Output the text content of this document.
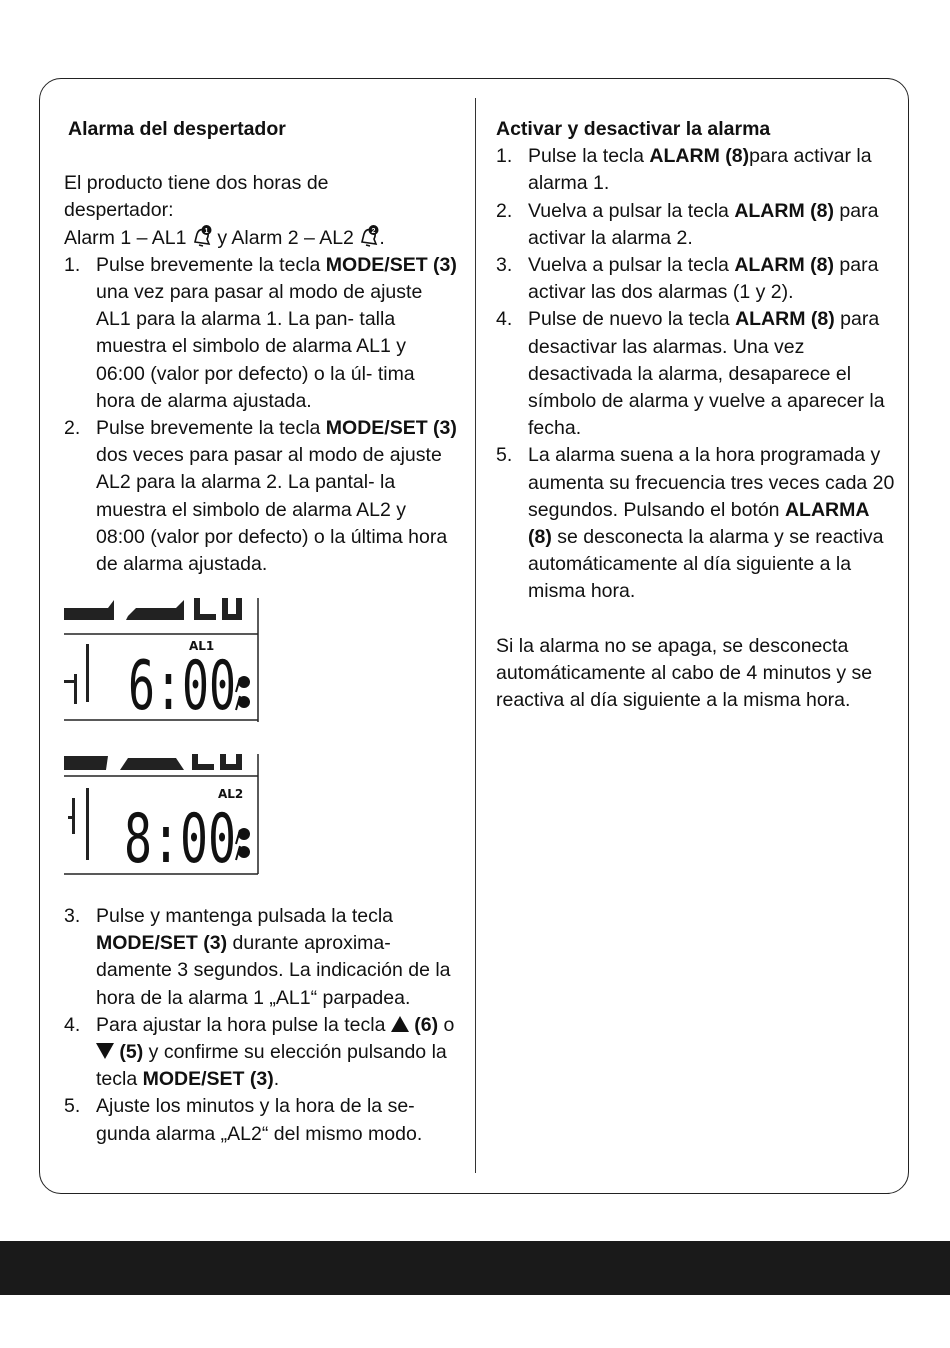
Alarma del despertador

El producto tiene dos horas de

despertador:

Alarm 1 – AL1	1 y Alarm 2 – AL2	2 .

1. Pulse brevemente la tecla MODE/SET (3) una vez para pasar al modo de ajuste AL1 para la alarma 1. La pan- talla muestra el simbolo de alarma AL1 y 06:00 (valor por defecto) o la úl- tima hora de alarma ajustada.
2. Pulse brevemente la tecla MODE/SET (3) dos veces para pasar al modo de ajuste AL2 para la alarma 2. La pantal- la muestra el simbolo de alarma AL2 y 08:00 (valor por defecto) o la última hora de alarma ajustada.
AL1
6:00
AL2
8:00
3. Pulse y mantenga pulsada la tecla MODE/SET (3) durante aproxima- damente 3 segundos. La indicación de la hora de la alarma 1 „AL1“ parpadea.
4. Para ajustar la hora pulse la tecla  (6) o  (5) y confirme su elección pulsando la tecla MODE/SET (3).
5. Ajuste los minutos y la hora de la se- gunda alarma „AL2“ del mismo modo.

Activar y desactivar la alarma

1. Pulse la tecla ALARM (8)para activar la alarma 1.
2. Vuelva a pulsar la tecla ALARM (8) para activar la alarma 2.
3. Vuelva a pulsar la tecla ALARM (8) para activar las dos alarmas (1 y 2).
4. Pulse de nuevo la tecla ALARM (8) para desactivar las alarmas. Una vez desactivada la alarma, desaparece el símbolo de alarma y vuelve a aparecer la fecha.
5. La alarma suena a la hora programada y aumenta su frecuencia tres veces cada 20 segundos. Pulsando el botón ALARMA (8) se desconecta la alarma y se reactiva automáticamente al día siguiente a la misma hora.

Si la alarma no se apaga, se desconecta automáticamente al cabo de 4 minutos y se reactiva al día siguiente a la misma hora.
